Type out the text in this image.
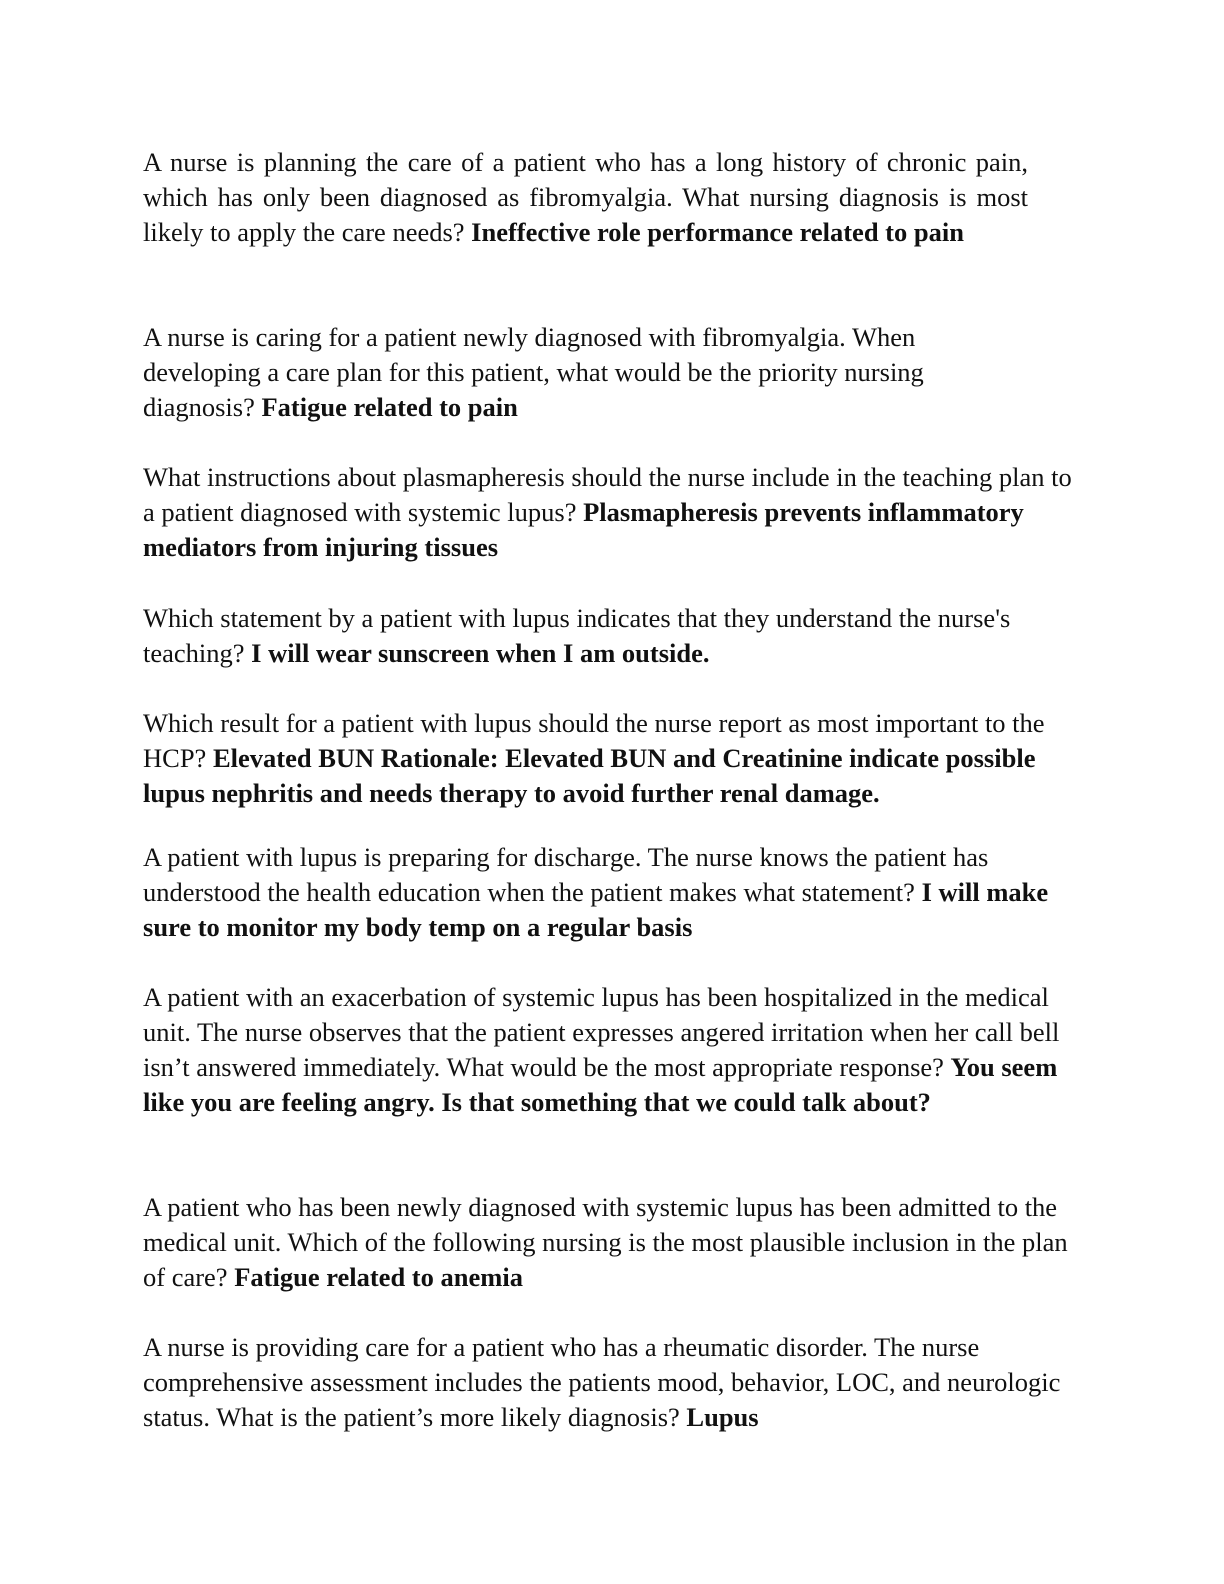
A nurse is planning the care of a patient who has a long history of chronic pain, which has only been diagnosed as fibromyalgia. What nursing diagnosis is most likely to apply the care needs? Ineffective role performance related to pain

A nurse is caring for a patient newly diagnosed with fibromyalgia. When developing a care plan for this patient, what would be the priority nursing diagnosis? Fatigue related to pain

What instructions about plasmapheresis should the nurse include in the teaching plan to a patient diagnosed with systemic lupus? Plasmapheresis prevents inflammatory mediators from injuring tissues

Which statement by a patient with lupus indicates that they understand the nurse's teaching? I will wear sunscreen when I am outside.

Which result for a patient with lupus should the nurse report as most important to the HCP? Elevated BUN Rationale: Elevated BUN and Creatinine indicate possible lupus nephritis and needs therapy to avoid further renal damage.

A patient with lupus is preparing for discharge. The nurse knows the patient has understood the health education when the patient makes what statement? I will make sure to monitor my body temp on a regular basis

A patient with an exacerbation of systemic lupus has been hospitalized in the medical unit. The nurse observes that the patient expresses angered irritation when her call bell isn’t answered immediately. What would be the most appropriate response? You seem like you are feeling angry. Is that something that we could talk about?

A patient who has been newly diagnosed with systemic lupus has been admitted to the medical unit. Which of the following nursing is the most plausible inclusion in the plan of care? Fatigue related to anemia

A nurse is providing care for a patient who has a rheumatic disorder. The nurse comprehensive assessment includes the patients mood, behavior, LOC, and neurologic status. What is the patient’s more likely diagnosis? Lupus
